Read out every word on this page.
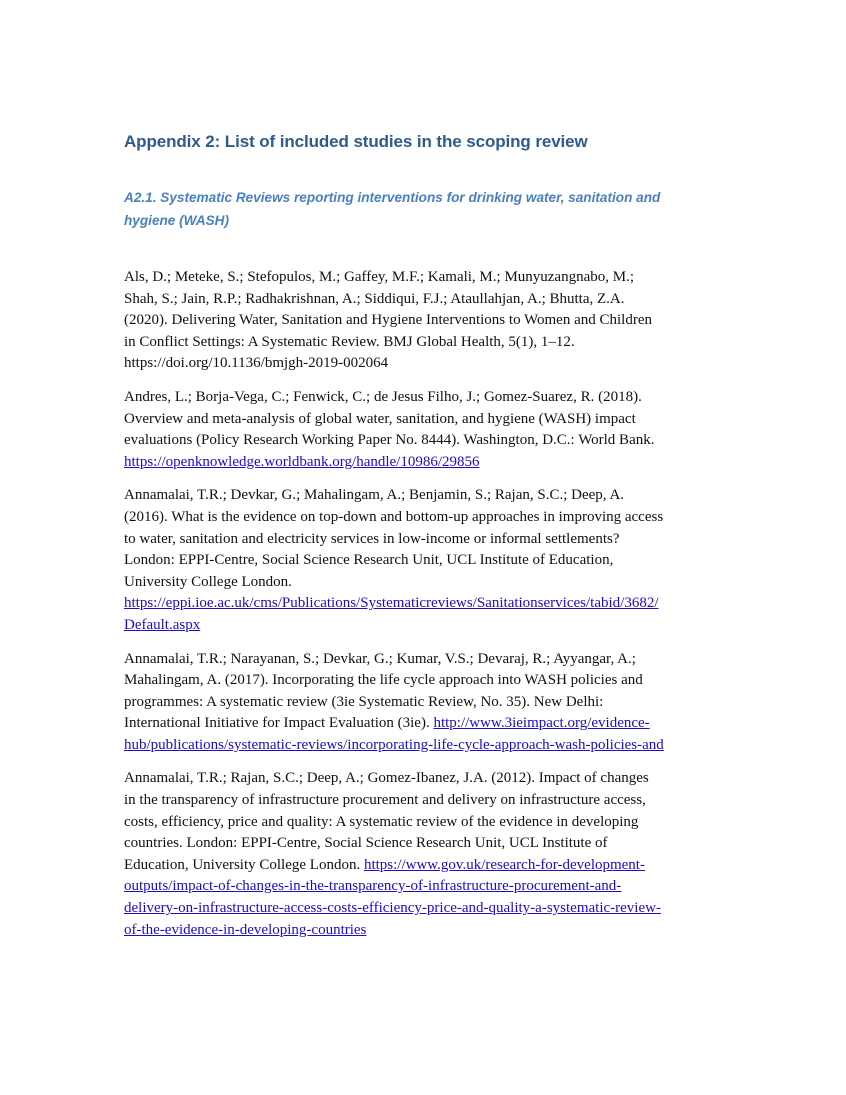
Appendix 2: List of included studies in the scoping review
A2.1. Systematic Reviews reporting interventions for drinking water, sanitation and hygiene (WASH)

Als, D.; Meteke, S.; Stefopulos, M.; Gaffey, M.F.; Kamali, M.; Munyuzangnabo, M.;
Shah, S.; Jain, R.P.; Radhakrishnan, A.; Siddiqui, F.J.; Ataullahjan, A.; Bhutta, Z.A.
(2020). Delivering Water, Sanitation and Hygiene Interventions to Women and Children
in Conflict Settings: A Systematic Review. BMJ Global Health, 5(1), 1–12.
https://doi.org/10.1136/bmjgh-2019-002064

Andres, L.; Borja-Vega, C.; Fenwick, C.; de Jesus Filho, J.; Gomez-Suarez, R. (2018).
Overview and meta-analysis of global water, sanitation, and hygiene (WASH) impact
evaluations (Policy Research Working Paper No. 8444). Washington, D.C.: World Bank.
https://openknowledge.worldbank.org/handle/10986/29856

Annamalai, T.R.; Devkar, G.; Mahalingam, A.; Benjamin, S.; Rajan, S.C.; Deep, A.
(2016). What is the evidence on top-down and bottom-up approaches in improving access
to water, sanitation and electricity services in low-income or informal settlements?
London: EPPI-Centre, Social Science Research Unit, UCL Institute of Education,
University College London.
https://eppi.ioe.ac.uk/cms/Publications/Systematicreviews/Sanitationservices/tabid/3682/
Default.aspx

Annamalai, T.R.; Narayanan, S.; Devkar, G.; Kumar, V.S.; Devaraj, R.; Ayyangar, A.;
Mahalingam, A. (2017). Incorporating the life cycle approach into WASH policies and
programmes: A systematic review (3ie Systematic Review, No. 35). New Delhi:
International Initiative for Impact Evaluation (3ie). http://www.3ieimpact.org/evidence-
hub/publications/systematic-reviews/incorporating-life-cycle-approach-wash-policies-and

Annamalai, T.R.; Rajan, S.C.; Deep, A.; Gomez-Ibanez, J.A. (2012). Impact of changes
in the transparency of infrastructure procurement and delivery on infrastructure access,
costs, efficiency, price and quality: A systematic review of the evidence in developing
countries. London: EPPI-Centre, Social Science Research Unit, UCL Institute of
Education, University College London. https://www.gov.uk/research-for-development-
outputs/impact-of-changes-in-the-transparency-of-infrastructure-procurement-and-
delivery-on-infrastructure-access-costs-efficiency-price-and-quality-a-systematic-review-
of-the-evidence-in-developing-countries
